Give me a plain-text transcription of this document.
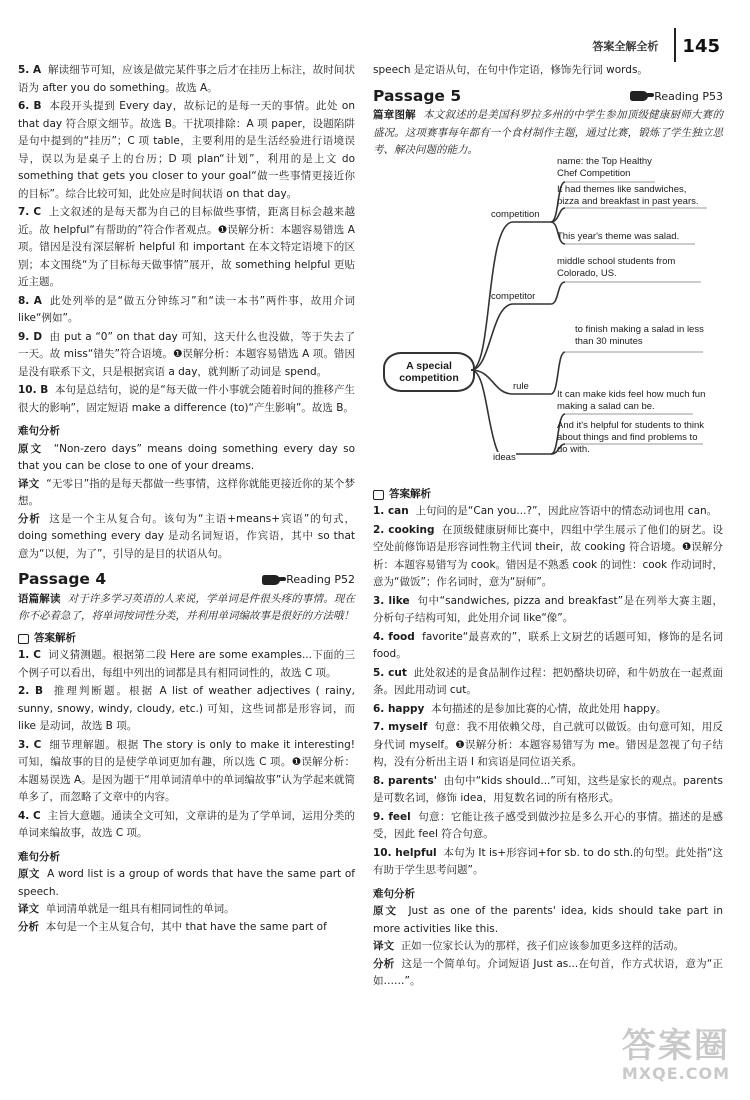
答案全解全析 145

5. A 解读细节可知，应该是做完某件事之后才在挂历上标注，故时间状语为 after you do something。故选 A。

6. B 本段开头提到 Every day，故标记的是每一天的事情。此处 on that day 符合原文细节。故选 B。干扰项排除：A 项 paper，设题陷阱是句中提到的“挂历”；C 项 table，主要利用的是生活经验进行语境误导，误以为是桌子上的台历；D 项 plan“计划”，利用的是上文 do something that gets you closer to your goal“做一些事情更接近你的目标”。综合比较可知，此处应是时间状语 on that day。

7. C 上文叙述的是每天都为自己的目标做些事情，距离目标会越来越近。故 helpful“有帮助的”符合作者观点。❶误解分析：本题容易错选 A 项。错因是没有深层解析 helpful 和 important 在本文特定语境下的区别；本文围绕“为了目标每天做事情”展开，故 something helpful 更贴近主题。

8. A 此处列举的是“做五分钟练习”和“读一本书”两件事，故用介词 like“例如”。

9. D 由 put a “0” on that day 可知，这天什么也没做，等于失去了一天。故 miss“错失”符合语境。❶误解分析：本题容易错选 A 项。错因是没有联系下文，只是根据宾语 a day，就判断了动词是 spend。

10. B 本句是总结句，说的是“每天做一件小事就会随着时间的推移产生很大的影响”，固定短语 make a difference (to)“产生影响”。故选 B。

难句分析

原文 “Non-zero days” means doing something every day so that you can be close to one of your dreams.

译文 “无零日”指的是每天都做一些事情，这样你就能更接近你的某个梦想。

分析 这是一个主从复合句。该句为“主语+means+宾语”的句式，doing something every day 是动名词短语，作宾语，其中 so that 意为“以便，为了”，引导的是目的状语从句。

Passage 4	Reading P52

语篇解读 对于许多学习英语的人来说，学单词是件很头疼的事情。现在你不必着急了，将单词按词性分类，并利用单词编故事是很好的方法哦！

答案解析

1. C 词义猜测题。根据第二段 Here are some examples...下面的三个例子可以看出，每组中列出的词都是具有相同词性的，故选 C 项。

2. B 推理判断题。根据 A list of weather adjectives ( rainy, sunny, snowy, windy, cloudy, etc.) 可知，这些词都是形容词，而 like 是动词，故选 B 项。

3. C 细节理解题。根据 The story is only to make it interesting! 可知，编故事的目的是使学单词更加有趣，所以选 C 项。❶误解分析：本题易误选 A。是因为题干“用单词清单中的单词编故事”认为学起来就简单多了，而忽略了文章中的内容。

4. C 主旨大意题。通读全文可知，文章讲的是为了学单词，运用分类的单词来编故事，故选 C 项。

难句分析

原文 A word list is a group of words that have the same part of speech.

译文 单词清单就是一组具有相同词性的单词。

分析 本句是一个主从复合句，其中 that have the same part of

speech 是定语从句，在句中作定语，修饰先行词 words。

Passage 5	Reading P53

篇章图解 本文叙述的是美国科罗拉多州的中学生参加顶级健康厨师大赛的盛况。这项赛事每年都有一个食材制作主题，通过比赛，锻炼了学生独立思考、解决问题的能力。

A special
competition
competition
competitor
rule
ideas
name: the Top Healthy Chef Competition
It had themes like sandwiches, pizza and breakfast in past years.
This year's theme was salad.
middle school students from Colorado, US.
to finish making a salad in less than 30 minutes
It can make kids feel how much fun making a salad can be.
And it's helpful for students to think about things and find problems to do with.
答案解析

1. can 上句问的是“Can you...?”，因此应答语中的情态动词也用 can。

2. cooking 在顶级健康厨师比赛中，四组中学生展示了他们的厨艺。设空处前修饰语是形容词性物主代词 their，故 cooking 符合语境。❶误解分析：本题容易错写为 cook。错因是不熟悉 cook 的词性：cook 作动词时，意为“做饭”；作名词时，意为“厨师”。

3. like 句中“sandwiches, pizza and breakfast”是在列举大赛主题，分析句子结构可知，此处用介词 like“像”。

4. food favorite“最喜欢的”，联系上文厨艺的话题可知，修饰的是名词 food。

5. cut 此处叙述的是食品制作过程：把奶酪块切碎，和牛奶放在一起煮面条。因此用动词 cut。

6. happy 本句描述的是参加比赛的心情，故此处用 happy。

7. myself 句意：我不用依赖父母，自己就可以做饭。由句意可知，用反身代词 myself。❶误解分析：本题容易错写为 me。错因是忽视了句子结构，没有分析出主语 I 和宾语是同位语关系。

8. parents' 由句中“kids should...”可知，这些是家长的观点。parents 是可数名词，修饰 idea，用复数名词的所有格形式。

9. feel 句意：它能让孩子感受到做沙拉是多么开心的事情。描述的是感受，因此 feel 符合句意。

10. helpful 本句为 It is+形容词+for sb. to do sth.的句型。此处指“这有助于学生思考问题”。

难句分析

原文 Just as one of the parents' idea, kids should take part in more activities like this.

译文 正如一位家长认为的那样，孩子们应该参加更多这样的活动。

分析 这是一个简单句。介词短语 Just as...在句首，作方式状语，意为“正如……”。

答案圈
MXQE.COM
